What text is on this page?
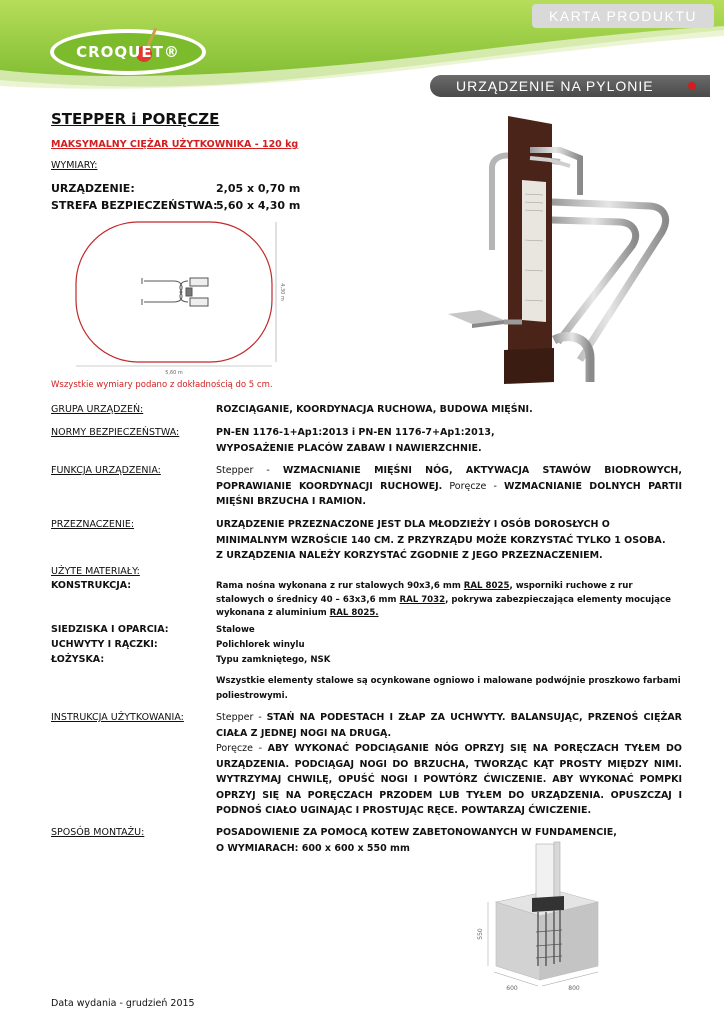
CROQUET®
KARTA PRODUKTU
URZĄDZENIE NA PYLONIE
STEPPER i PORĘCZE
MAKSYMALNY CIĘŻAR UŻYTKOWNIKA - 120 kg
WYMIARY:
URZĄDZENIE:	2,05 x 0,70 m
STREFA BEZPIECZEŃSTWA:
5,60 x 4,30 m
5,60 m
4,30 m
Wszystkie wymiary podano z dokładnością do 5 cm.
GRUPA URZĄDZEŃ:	ROZCIĄGANIE, KOORDYNACJA RUCHOWA, BUDOWA MIĘŚNI.
NORMY BEZPIECZEŃSTWA:	PN-EN 1176-1+Ap1:2013 i PN-EN 1176-7+Ap1:2013,
WYPOSAŻENIE PLACÓW ZABAW I NAWIERZCHNIE.
FUNKCJA URZĄDZENIA:	Stepper - WZMACNIANIE MIĘŚNI NÓG, AKTYWACJA STAWÓW BIODROWYCH, POPRAWIANIE KOORDYNACJI RUCHOWEJ. Poręcze - WZMACNIANIE DOLNYCH PARTII MIĘŚNI BRZUCHA I RAMION.
PRZEZNACZENIE:	URZĄDZENIE PRZEZNACZONE JEST DLA MŁODZIEŻY I OSÓB DOROSŁYCH O
MINIMALNYM WZROŚCIE 140 CM. Z PRZYRZĄDU MOŻE KORZYSTAĆ TYLKO 1 OSOBA.
Z URZĄDZENIA NALEŻY KORZYSTAĆ ZGODNIE Z JEGO PRZEZNACZENIEM.
UŻYTE MATERIAŁY:
KONSTRUKCJA:	Rama nośna wykonana z rur stalowych 90x3,6 mm RAL 8025, wsporniki ruchowe z rur stalowych o średnicy 40 – 63x3,6 mm RAL 7032, pokrywa zabezpieczająca elementy mocujące wykonana z aluminium RAL 8025.
SIEDZISKA I OPARCIA:	Stalowe
UCHWYTY I RĄCZKI:	Polichlorek winylu
ŁOŻYSKA:	Typu zamkniętego, NSK
Wszystkie elementy stalowe są ocynkowane ogniowo i malowane podwójnie proszkowo farbami poliestrowymi.
INSTRUKCJA UŻYTKOWANIA:	Stepper - STAŃ NA PODESTACH I ZŁAP ZA UCHWYTY. BALANSUJĄC, PRZENOŚ CIĘŻAR CIAŁA Z JEDNEJ NOGI NA DRUGĄ.
Poręcze - ABY WYKONAĆ PODCIĄGANIE NÓG OPRZYJ SIĘ NA PORĘCZACH TYŁEM DO URZĄDZENIA. PODCIĄGAJ NOGI DO BRZUCHA, TWORZĄC KĄT PROSTY MIĘDZY NIMI. WYTRZYMAJ CHWILĘ, OPUŚĆ NOGI I POWTÓRZ ĆWICZENIE. ABY WYKONAĆ POMPKI OPRZYJ SIĘ NA PORĘCZACH PRZODEM LUB TYŁEM DO URZĄDZENIA. OPUSZCZAJ I PODNOŚ CIAŁO UGINAJĄC I PROSTUJĄC RĘCE. POWTARZAJ ĆWICZENIE.
SPOSÓB MONTAŻU:	POSADOWIENIE ZA POMOCĄ KOTEW ZABETONOWANYCH W FUNDAMENCIE,
O WYMIARACH: 600 x 600 x 550 mm
550
600	800
Data wydania - grudzień 2015
